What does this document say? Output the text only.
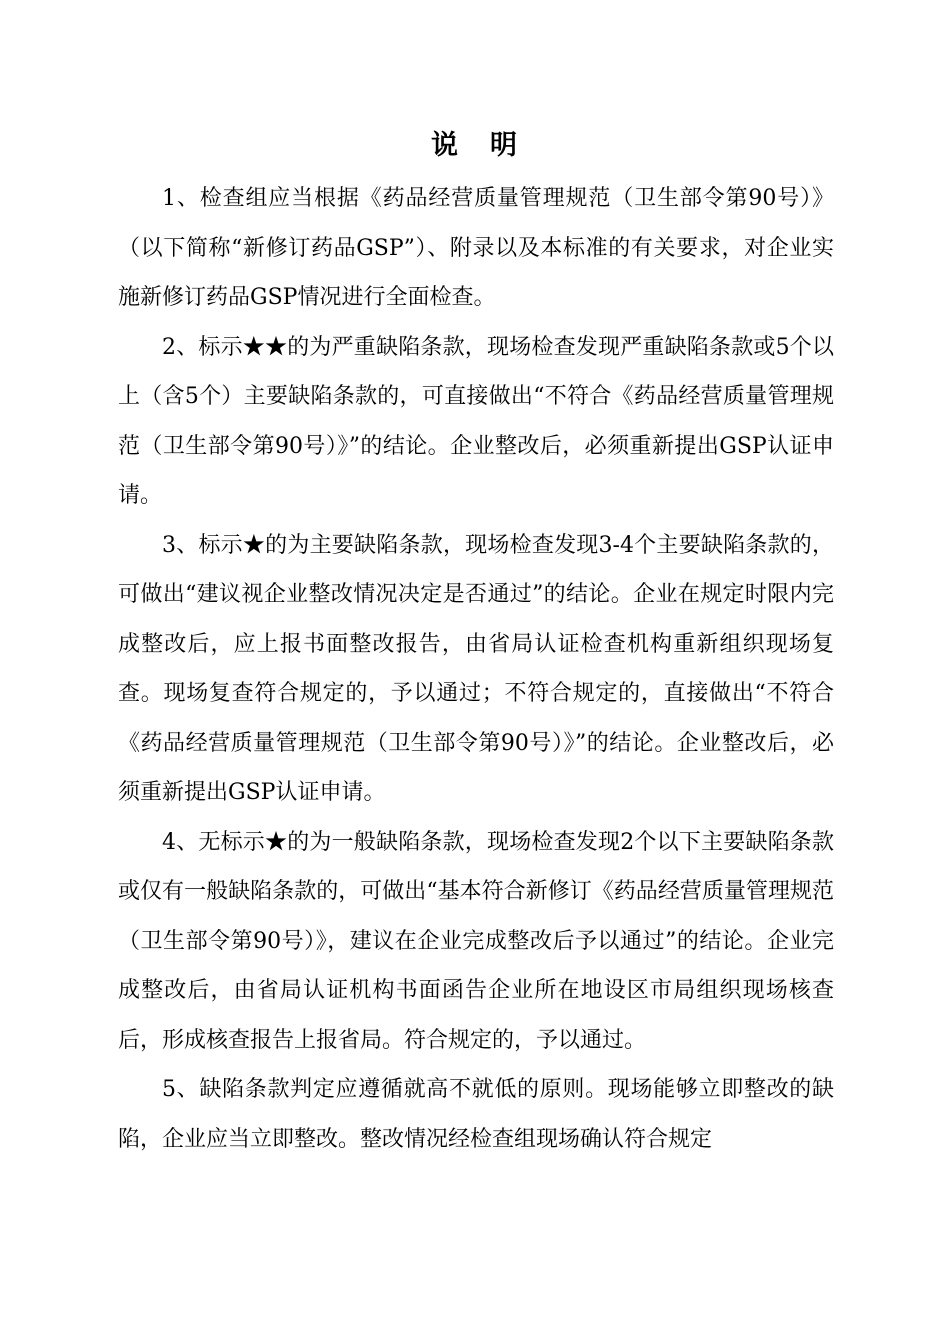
说 明

1、检查组应当根据《药品经营质量管理规范（卫生部令第90号）》（以下简称“新修订药品GSP”）、附录以及本标准的有关要求，对企业实施新修订药品GSP情况进行全面检查。

2、标示★★的为严重缺陷条款，现场检查发现严重缺陷条款或5个以上（含5个）主要缺陷条款的，可直接做出“不符合《药品经营质量管理规范（卫生部令第90号）》”的结论。企业整改后，必须重新提出GSP认证申请。

3、标示★的为主要缺陷条款，现场检查发现3-4个主要缺陷条款的，可做出“建议视企业整改情况决定是否通过”的结论。企业在规定时限内完成整改后，应上报书面整改报告，由省局认证检查机构重新组织现场复查。现场复查符合规定的，予以通过；不符合规定的，直接做出“不符合《药品经营质量管理规范（卫生部令第90号）》”的结论。企业整改后，必须重新提出GSP认证申请。

4、无标示★的为一般缺陷条款，现场检查发现2个以下主要缺陷条款或仅有一般缺陷条款的，可做出“基本符合新修订《药品经营质量管理规范（卫生部令第90号）》，建议在企业完成整改后予以通过”的结论。企业完成整改后，由省局认证机构书面函告企业所在地设区市局组织现场核查后，形成核查报告上报省局。符合规定的，予以通过。

5、缺陷条款判定应遵循就高不就低的原则。现场能够立即整改的缺陷，企业应当立即整改。整改情况经检查组现场确认符合规定
